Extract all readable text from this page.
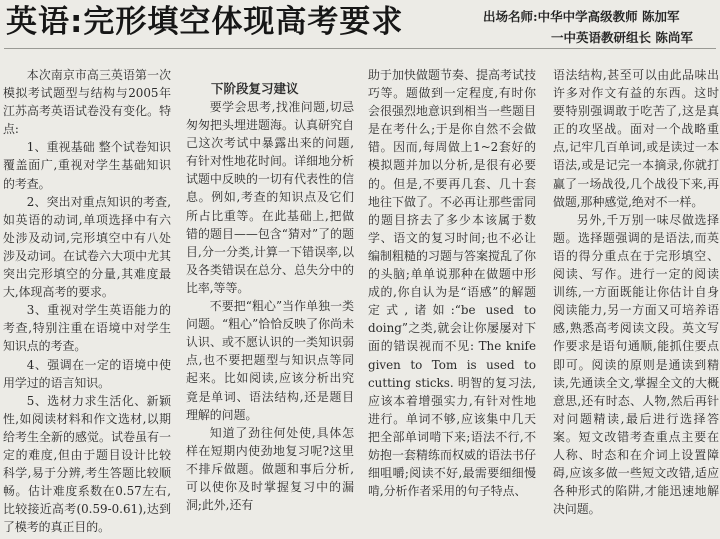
英语:完形填空体现高考要求	出场名师:中华中学高级教师 陈加军
一中英语教研组长 陈尚军

本次南京市高三英语第一次模拟考试题型与结构与2005年江苏高考英语试卷没有变化。特点:

1、重视基础 整个试卷知识覆盖面广,重视对学生基础知识的考查。

2、突出对重点知识的考查,如英语的动词,单项选择中有六处涉及动词,完形填空中有八处涉及动词。在试卷六大项中尤其突出完形填空的分量,其难度最大,体现高考的要求。

3、重视对学生英语能力的考查,特别注重在语境中对学生知识点的考查。

4、强调在一定的语境中使用学过的语言知识。

5、选材力求生活化、新颖性,如阅读材料和作文选材,以期给考生全新的感觉。试卷虽有一定的难度,但由于题目设计比较科学,易于分辨,考生答题比较顺畅。估计难度系数在0.57左右,比较接近高考(0.59-0.61),达到了模考的真正目的。

下阶段复习建议

要学会思考,找准问题,切忌匆匆把头埋进题海。认真研究自己这次考试中暴露出来的问题,有针对性地花时间。详细地分析试题中反映的一切有代表性的信息。例如,考查的知识点及它们所占比重等。在此基础上,把做错的题目——包含“猜对”了的题目,分一分类,计算一下错误率,以及各类错误在总分、总失分中的比率,等等。

不要把“粗心”当作单独一类问题。“粗心”恰恰反映了你尚未认识、或不愿认识的一类知识弱点,也不要把题型与知识点等同起来。比如阅读,应该分析出究竟是单词、语法结构,还是题目理解的问题。

知道了劲往何处使,具体怎样在短期内使劲地复习呢?这里不排斥做题。做题和事后分析,可以使你及时掌握复习中的漏洞;此外,还有

助于加快做题节奏、提高考试技巧等。题做到一定程度,有时你会很强烈地意识到相当一些题目是在考什么;于是你自然不会做错。因而,每周做上1~2套好的模拟题并加以分析,是很有必要的。但是,不要再几套、几十套地往下做了。不必再让那些雷同的题目挤去了多少本该属于数学、语文的复习时间;也不必让编制粗糙的习题与答案搅乱了你的头脑;单单说那种在做题中形成的,你自认为是“语感”的解题定式,诸如:“be used to doing”之类,就会让你屡屡对下面的错误视而不见: The knife given to Tom is used to cutting sticks. 明智的复习法,应该本着增强实力,有针对性地进行。单词不够,应该集中几天把全部单词啃下来;语法不行,不妨抱一套精练而权威的语法书仔细咀嚼;阅读不好,最需要细细慢啃,分析作者采用的句子特点、

语法结构,甚至可以由此品味出许多对作文有益的东西。这时要特别强调敢于吃苦了,这是真正的攻坚战。面对一个战略重点,记牢几百单词,或是读过一本语法,或是记完一本摘录,你就打赢了一场战役,几个战役下来,再做题,那种感觉,绝对不一样。

另外,千万别一味尽做选择题。选择题强调的是语法,而英语的得分重点在于完形填空、阅读、写作。进行一定的阅读训练,一方面既能让你估计自身阅读能力,另一方面又可培养语感,熟悉高考阅读文段。英文写作要求是语句通顺,能抓住要点即可。阅读的原则是通读到精读,先通读全文,掌握全文的大概意思,还有时态、人物,然后再针对问题精读,最后进行选择答案。短文改错考查重点主要在人称、时态和在介词上设置障碍,应该多做一些短文改错,适应各种形式的陷阱,才能迅速地解决问题。
